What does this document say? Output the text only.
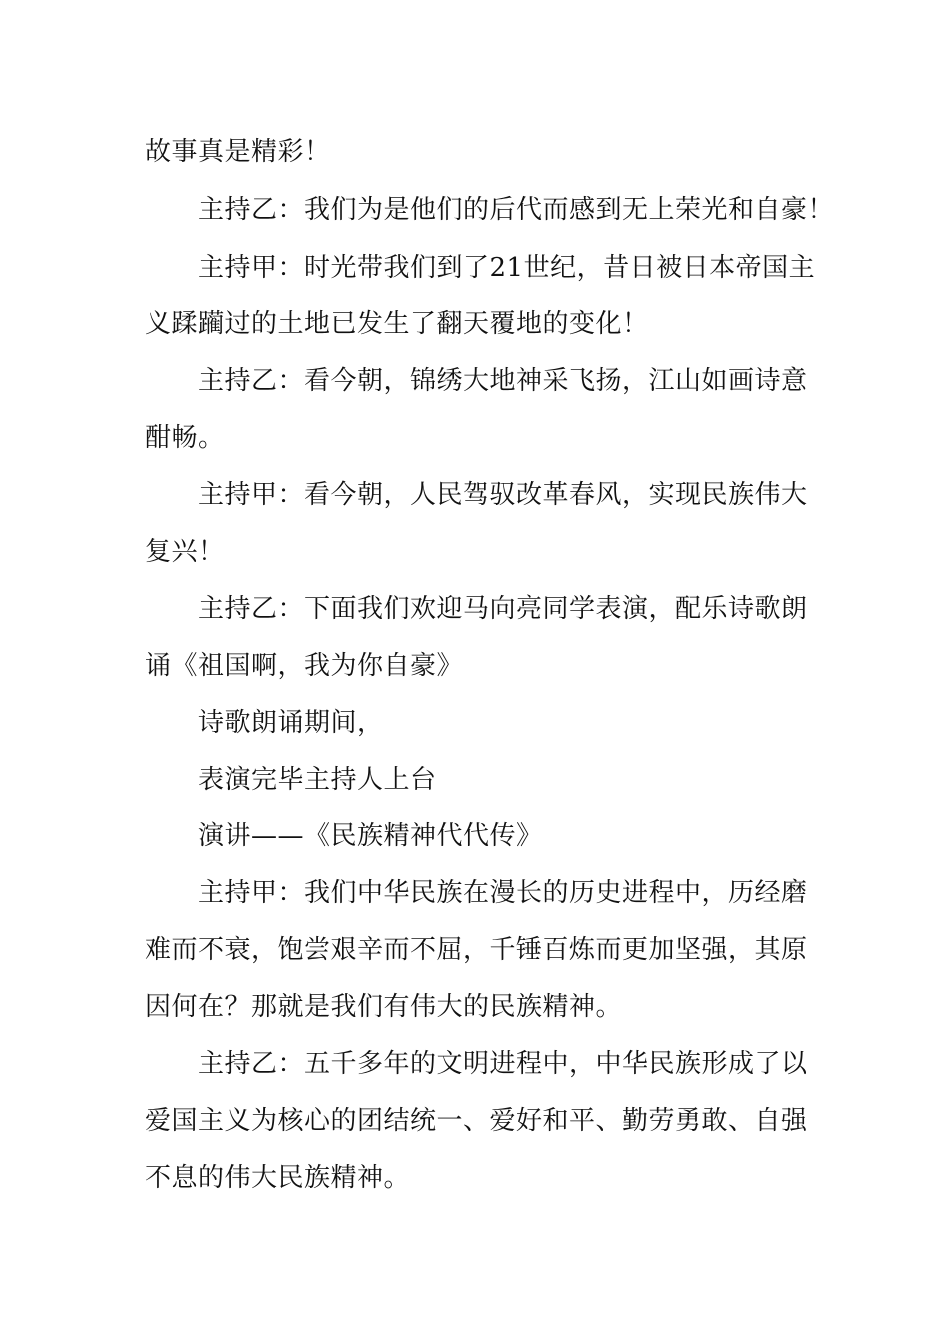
故事真是精彩！
主持乙：我们为是他们的后代而感到无上荣光和自豪！
主持甲：时光带我们到了21世纪，昔日被日本帝国主
义蹂躏过的土地已发生了翻天覆地的变化！
主持乙：看今朝，锦绣大地神采飞扬，江山如画诗意
酣畅。
主持甲：看今朝，人民驾驭改革春风，实现民族伟大
复兴！
主持乙：下面我们欢迎马向亮同学表演，配乐诗歌朗
诵《祖国啊，我为你自豪》
诗歌朗诵期间，
表演完毕主持人上台
演讲——《民族精神代代传》
主持甲：我们中华民族在漫长的历史进程中，历经磨
难而不衰，饱尝艰辛而不屈，千锤百炼而更加坚强，其原
因何在？那就是我们有伟大的民族精神。
主持乙：五千多年的文明进程中，中华民族形成了以
爱国主义为核心的团结统一、爱好和平、勤劳勇敢、自强
不息的伟大民族精神。
